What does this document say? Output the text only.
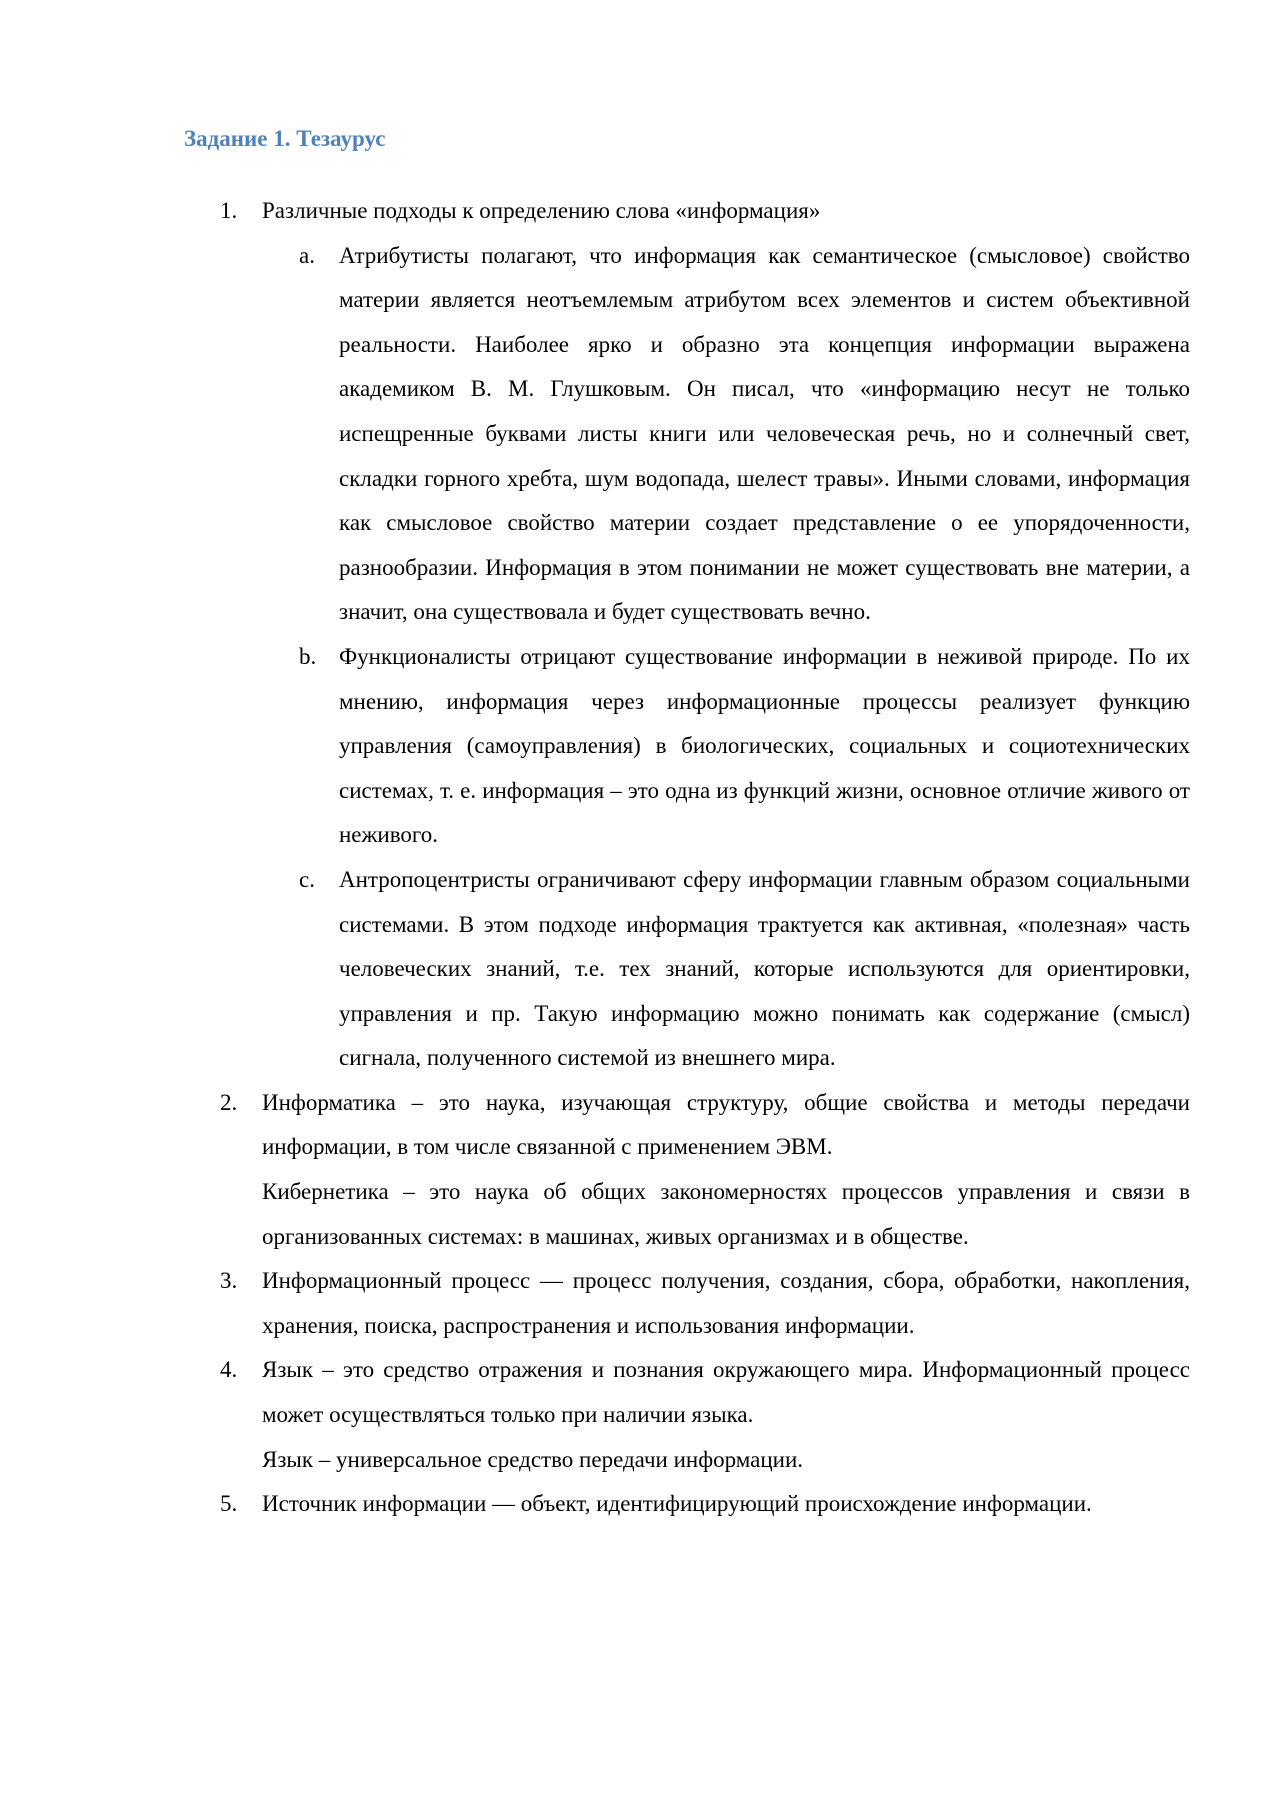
Задание 1. Тезаурус
1. Различные подходы к определению слова «информация»
a. Атрибутисты полагают, что информация как семантическое (смысловое) свойство материи является неотъемлемым атрибутом всех элементов и систем объективной реальности. Наиболее ярко и образно эта концепция информации выражена академиком В. М. Глушковым. Он писал, что «информацию несут не только испещренные буквами листы книги или человеческая речь, но и солнечный свет, складки горного хребта, шум водопада, шелест травы». Иными словами, информация как смысловое свойство материи создает представление о ее упорядоченности, разнообразии. Информация в этом понимании не может существовать вне материи, а значит, она существовала и будет существовать вечно.
b. Функционалисты отрицают существование информации в неживой природе. По их мнению, информация через информационные процессы реализует функцию управления (самоуправления) в биологических, социальных и социотехнических системах, т. е. информация – это одна из функций жизни, основное отличие живого от неживого.
c. Антропоцентристы ограничивают сферу информации главным образом социальными системами. В этом подходе информация трактуется как активная, «полезная» часть человеческих знаний, т.е. тех знаний, которые используются для ориентировки, управления и пр. Такую информацию можно понимать как содержание (смысл) сигнала, полученного системой из внешнего мира.
2. Информатика – это наука, изучающая структуру, общие свойства и методы передачи информации, в том числе связанной с применением ЭВМ.
Кибернетика – это наука об общих закономерностях процессов управления и связи в организованных системах: в машинах, живых организмах и в обществе.
3. Информационный процесс — процесс получения, создания, сбора, обработки, накопления, хранения, поиска, распространения и использования информации.
4. Язык – это средство отражения и познания окружающего мира. Информационный процесс может осуществляться только при наличии языка.
Язык – универсальное средство передачи информации.
5. Источник информации — объект, идентифицирующий происхождение информации.
